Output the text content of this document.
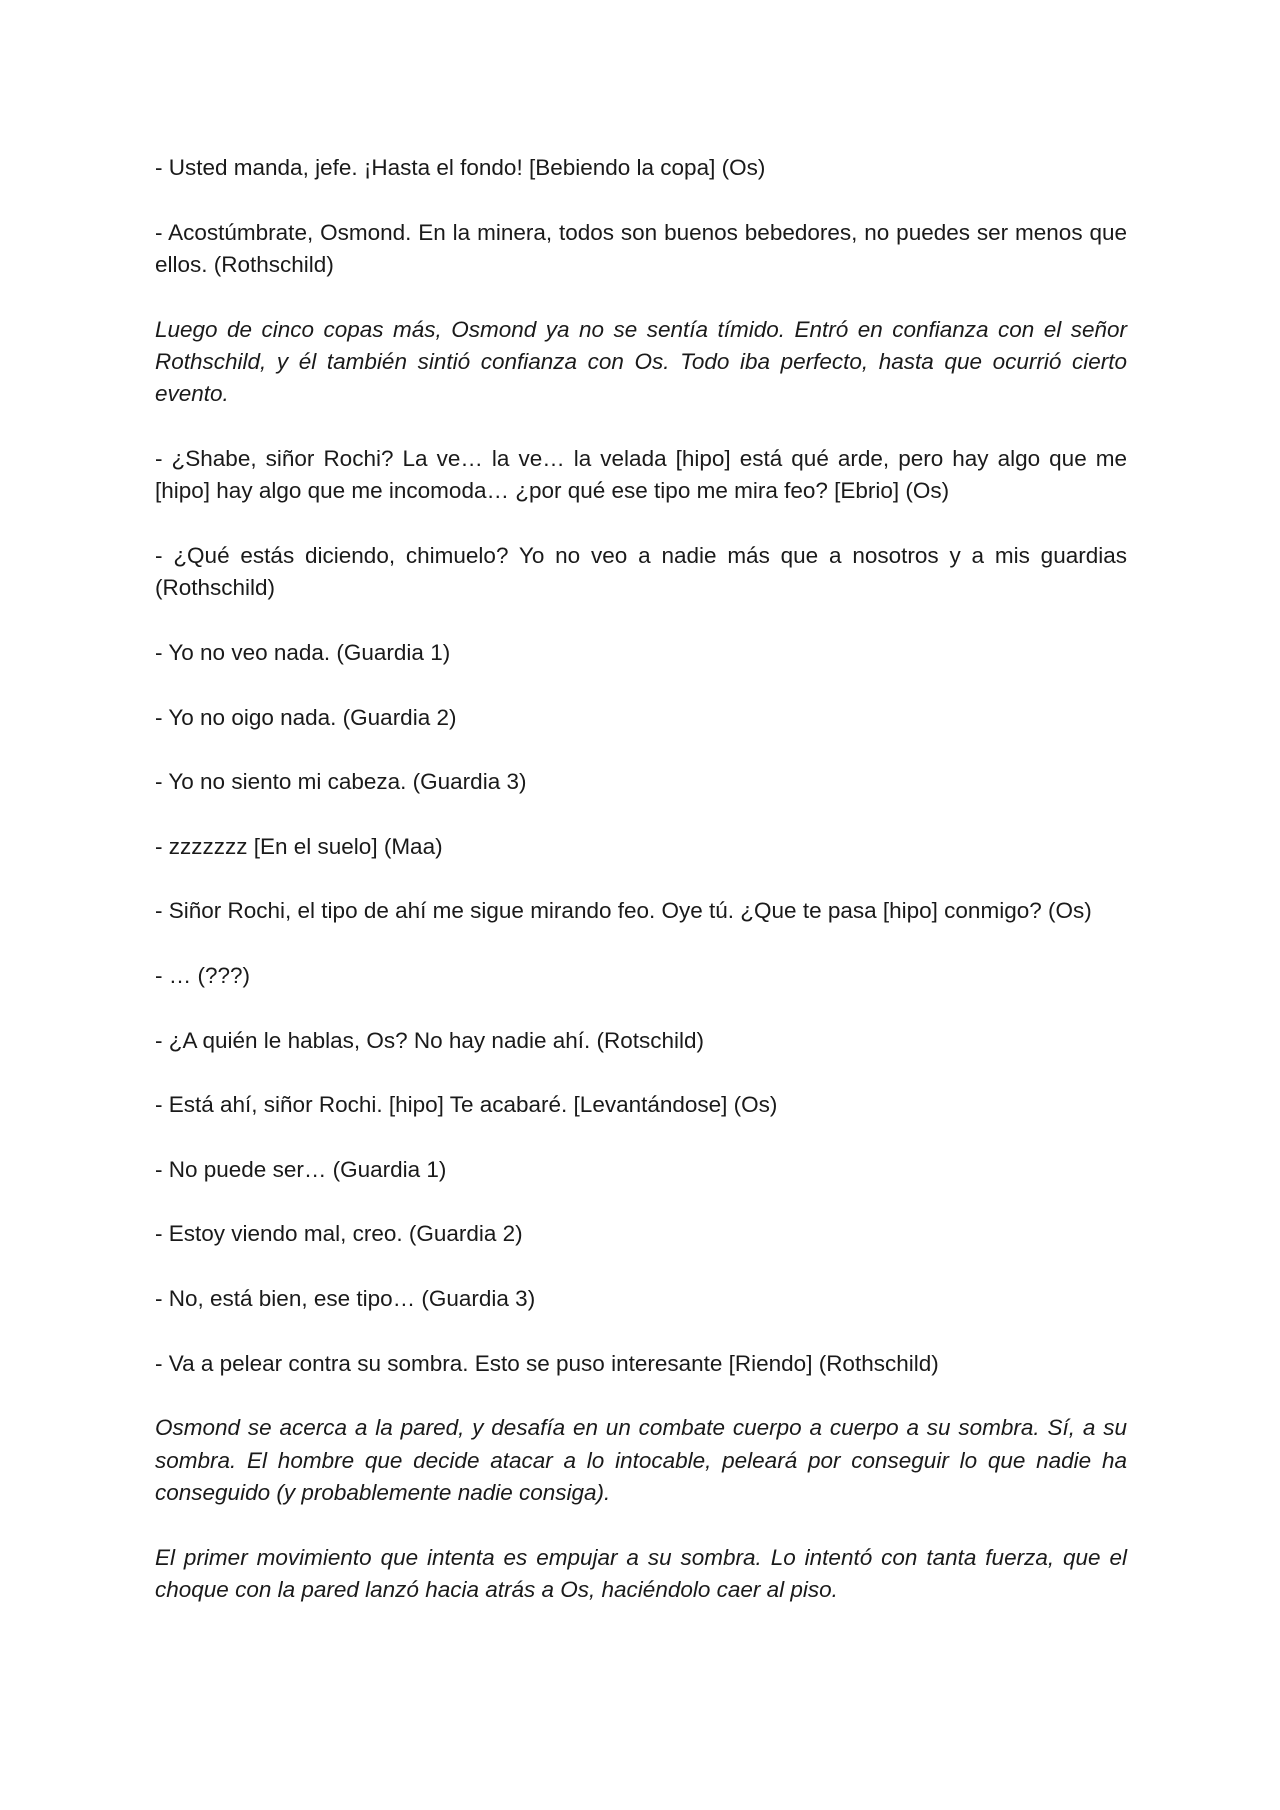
- Usted manda, jefe. ¡Hasta el fondo! [Bebiendo la copa] (Os)

- Acostúmbrate, Osmond. En la minera, todos son buenos bebedores, no puedes ser menos que ellos. (Rothschild)

Luego de cinco copas más, Osmond ya no se sentía tímido. Entró en confianza con el señor Rothschild, y él también sintió confianza con Os. Todo iba perfecto, hasta que ocurrió cierto evento.

- ¿Shabe, siñor Rochi? La ve… la ve… la velada [hipo] está qué arde, pero hay algo que me [hipo] hay algo que me incomoda… ¿por qué ese tipo me mira feo? [Ebrio] (Os)

- ¿Qué estás diciendo, chimuelo? Yo no veo a nadie más que a nosotros y a mis guardias (Rothschild)

- Yo no veo nada. (Guardia 1)

- Yo no oigo nada. (Guardia 2)

- Yo no siento mi cabeza. (Guardia 3)

- zzzzzzz [En el suelo] (Maa)

- Siñor Rochi, el tipo de ahí me sigue mirando feo. Oye tú. ¿Que te pasa [hipo] conmigo? (Os)

- … (???)

- ¿A quién le hablas, Os? No hay nadie ahí. (Rotschild)

- Está ahí, siñor Rochi. [hipo] Te acabaré. [Levantándose] (Os)

- No puede ser… (Guardia 1)

- Estoy viendo mal, creo. (Guardia 2)

- No, está bien, ese tipo… (Guardia 3)

- Va a pelear contra su sombra. Esto se puso interesante [Riendo] (Rothschild)

Osmond se acerca a la pared, y desafía en un combate cuerpo a cuerpo a su sombra. Sí, a su sombra. El hombre que decide atacar a lo intocable, peleará por conseguir lo que nadie ha conseguido (y probablemente nadie consiga).

El primer movimiento que intenta es empujar a su sombra. Lo intentó con tanta fuerza, que el choque con la pared lanzó hacia atrás a Os, haciéndolo caer al piso.
